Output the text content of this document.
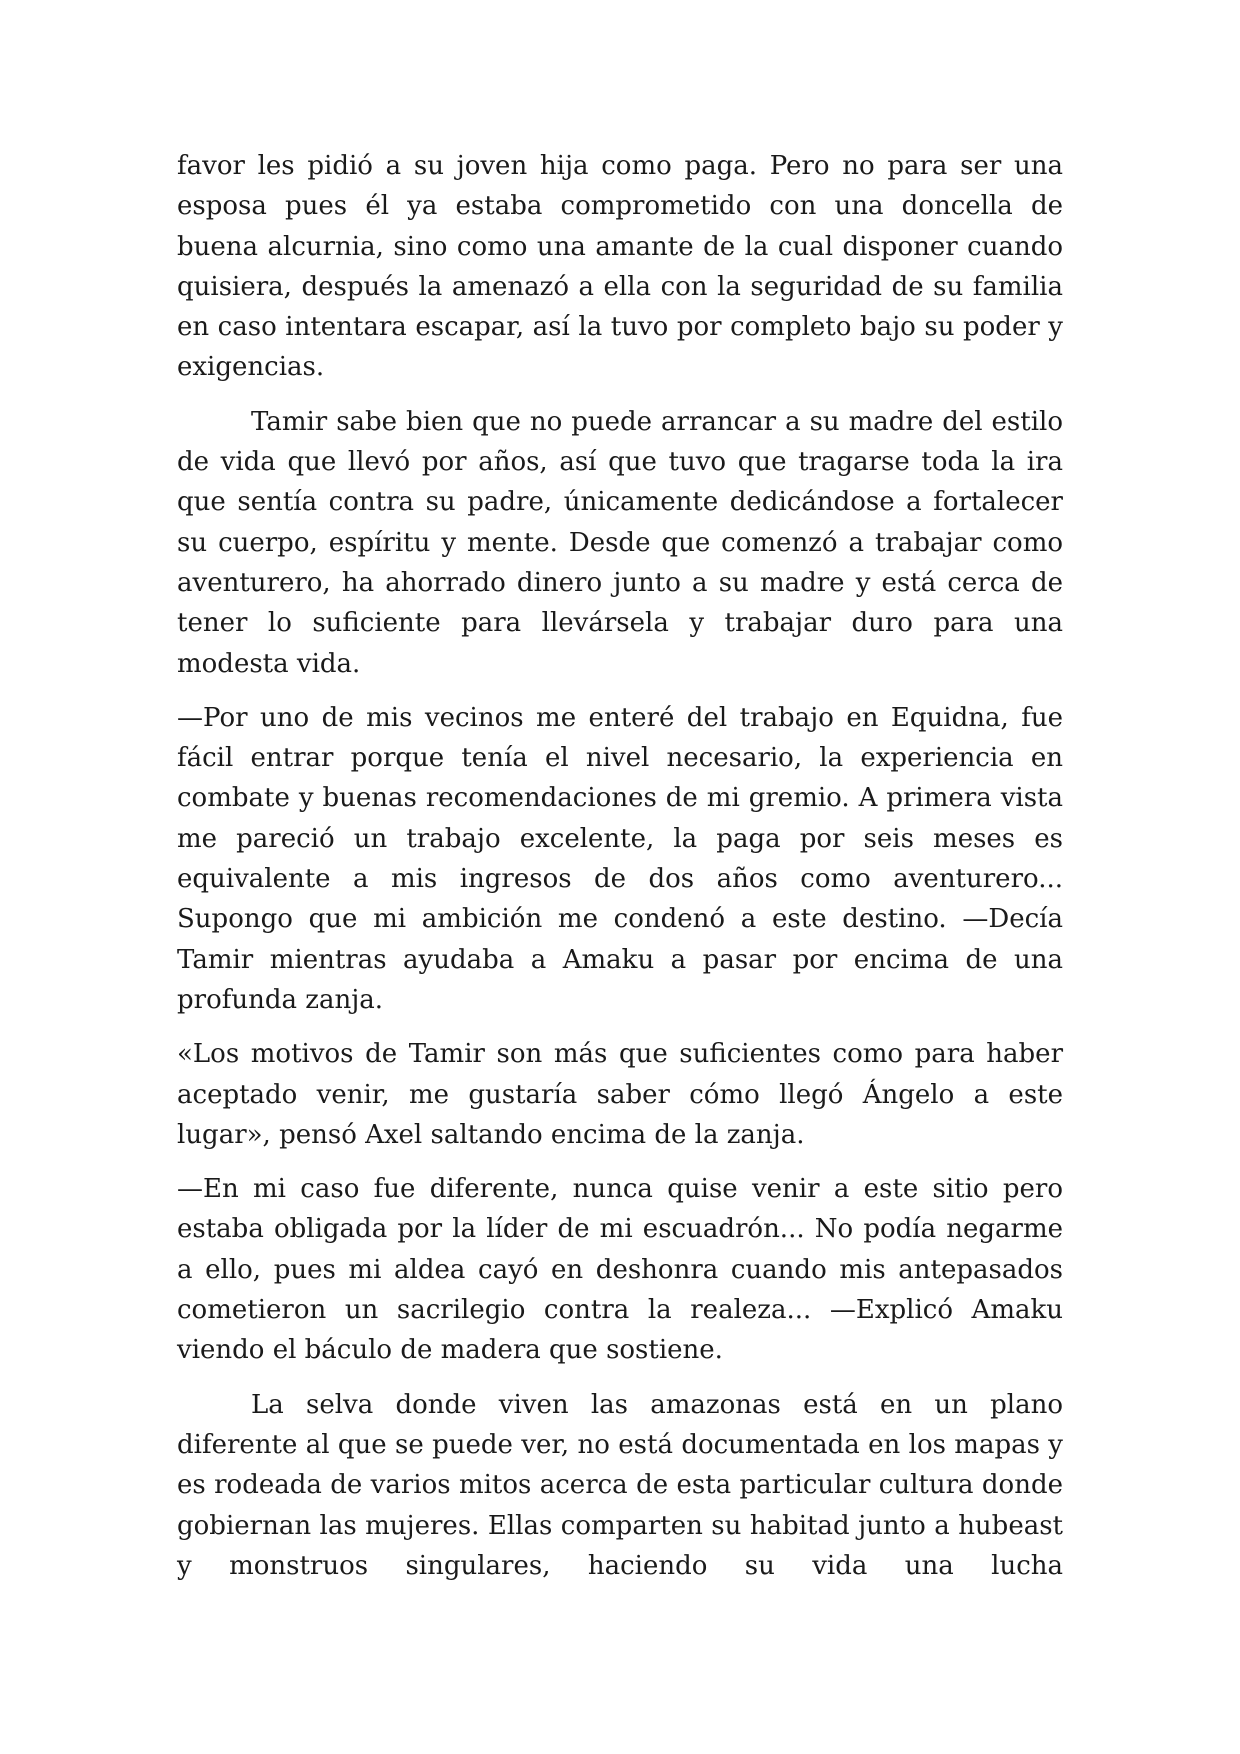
favor les pidió a su joven hija como paga. Pero no para ser una esposa pues él ya estaba comprometido con una doncella de buena alcurnia, sino como una amante de la cual disponer cuando quisiera, después la amenazó a ella con la seguridad de su familia en caso intentara escapar, así la tuvo por completo bajo su poder y exigencias.

Tamir sabe bien que no puede arrancar a su madre del estilo de vida que llevó por años, así que tuvo que tragarse toda la ira que sentía contra su padre, únicamente dedicándose a fortalecer su cuerpo, espíritu y mente. Desde que comenzó a trabajar como aventurero, ha ahorrado dinero junto a su madre y está cerca de tener lo suficiente para llevársela y trabajar duro para una modesta vida.

—Por uno de mis vecinos me enteré del trabajo en Equidna, fue fácil entrar porque tenía el nivel necesario, la experiencia en combate y buenas recomendaciones de mi gremio. A primera vista me pareció un trabajo excelente, la paga por seis meses es equivalente a mis ingresos de dos años como aventurero... Supongo que mi ambición me condenó a este destino. —Decía Tamir mientras ayudaba a Amaku a pasar por encima de una profunda zanja.

«Los motivos de Tamir son más que suficientes como para haber aceptado venir, me gustaría saber cómo llegó Ángelo a este lugar», pensó Axel saltando encima de la zanja.

—En mi caso fue diferente, nunca quise venir a este sitio pero estaba obligada por la líder de mi escuadrón... No podía negarme a ello, pues mi aldea cayó en deshonra cuando mis antepasados cometieron un sacrilegio contra la realeza... —Explicó Amaku viendo el báculo de madera que sostiene.

La selva donde viven las amazonas está en un plano diferente al que se puede ver, no está documentada en los mapas y es rodeada de varios mitos acerca de esta particular cultura donde gobiernan las mujeres. Ellas comparten su habitad junto a hubeast y monstruos singulares, haciendo su vida una lucha
